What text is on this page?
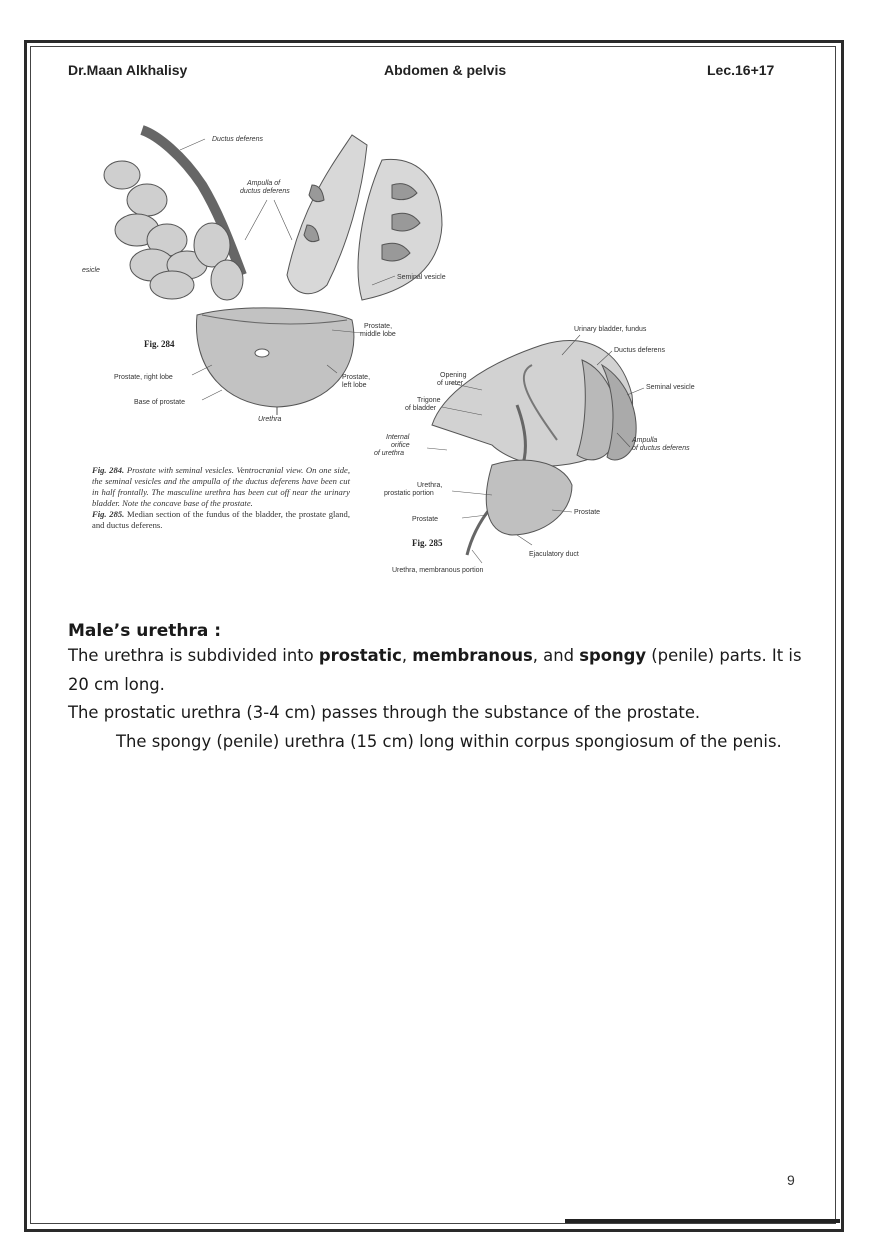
Dr.Maan Alkhalisy	Abdomen & pelvis	Lec.16+17
Ductus deferens
Ampulla of
ductus deferens
esicle
Seminal vesicle
Prostate,
middle lobe
Fig. 284
Prostate, right lobe	Prostate,
left lobe
Base of prostate
Urethra
Urinary bladder, fundus
Ductus deferens
Seminal vesicle
Opening
of ureter
Trigone
of bladder
Internal
orifice
of urethra
Ampulla
of ductus deferens
Urethra,
prostatic portion
Prostate
Prostate
Fig. 285
Ejaculatory duct
Urethra, membranous portion

Fig. 284. Prostate with seminal vesicles. Ventrocranial view. On one side, the seminal vesicles and the ampulla of the ductus deferens have been cut in half frontally. The masculine urethra has been cut off near the urinary bladder. Note the concave base of the prostate.

Fig. 285. Median section of the fundus of the bladder, the prostate gland, and ductus deferens.

Male’s urethra :

The urethra is subdivided into prostatic, membranous, and spongy (penile) parts. It is 20 cm long.

The prostatic urethra (3-4 cm) passes through the substance of the prostate.

The spongy (penile) urethra (15 cm) long within corpus spongiosum of the penis.

9
